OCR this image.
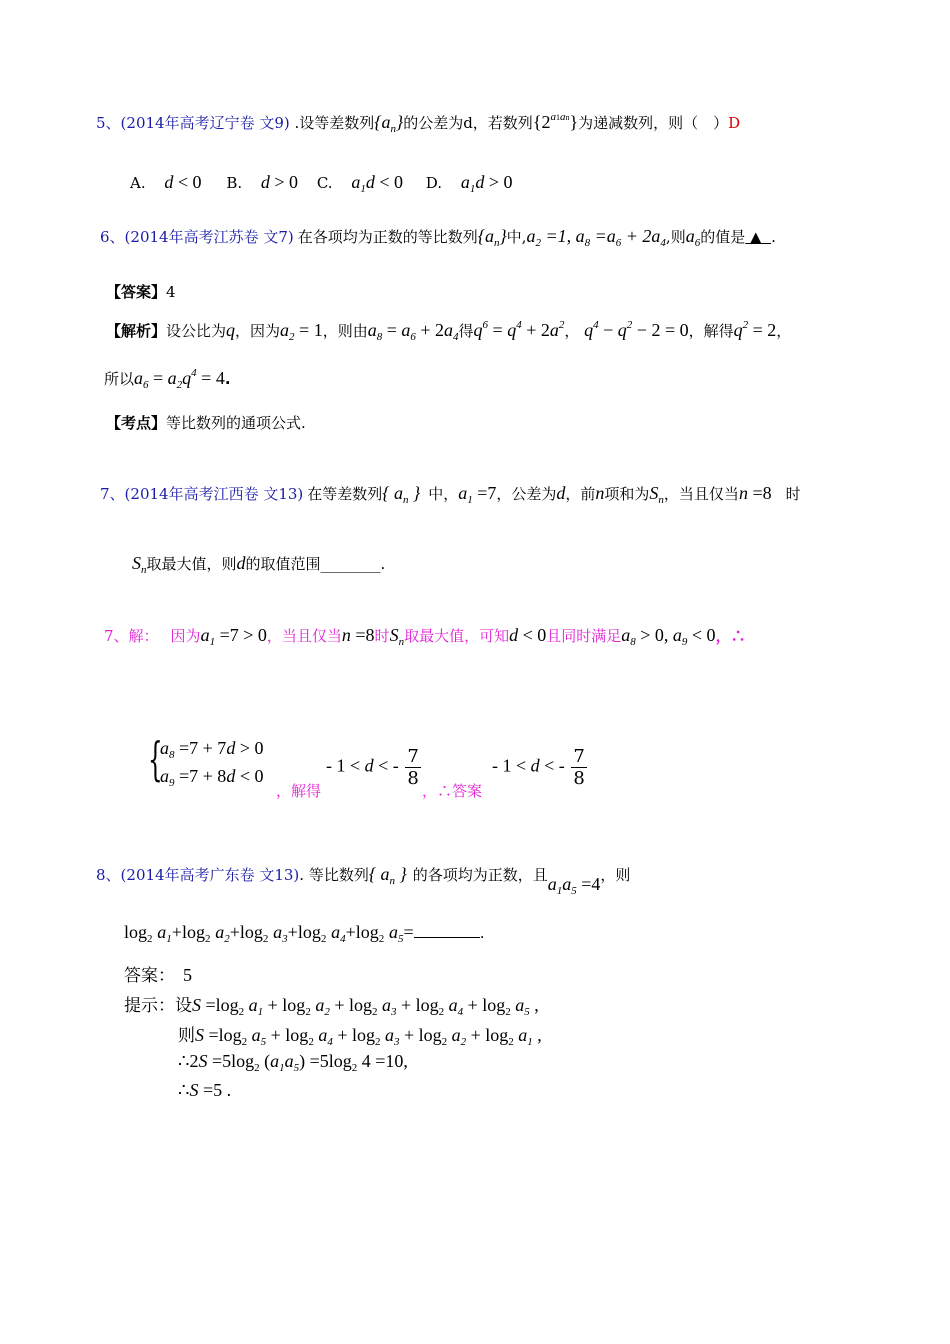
5、(2014年高考辽宁卷 文9) .设等差数列$\{a_n\}$的公差为d，若数列$\{2^{a1an}\}$为递减数列，则（　）D
A. d < 0 B. d > 0 C. $a_1d < 0$ D. $a_1d > 0$
6、(2014年高考江苏卷 文7) 在各项均为正数的等比数列$\{a_n\}$中$,a_2 =1$, $a_8 =a_6 + 2a_4$,则$a_6$的值是 ▲ .
【答案】4
【解析】设公比为q，因为$a_2 = 1$，则由$a_8 = a_6 + 2a_4$得$q^6 = q^4 + 2a^2$， $q^4 - q^2 - 2 = 0$，解得$q^2 = 2$，
所以$a_6 = a_2q^4 = 4$.
【考点】等比数列的通项公式.
7、(2014年高考江西卷 文13) 在等差数列{ $a_n$ } 中，$a_1 =7$，公差为d，前n项和为$S_n$，当且仅当n =8 时
$S_n$取最大值，则d的取值范围________.
7、解： 因为$a_1 =7 > 0$，当且仅当n =8时$S_n$取最大值，可知d < 0且同时满足$a_8 > 0$, $a_9 < 0$，∴
{
$a_8 =7 + 7d > 0$
$a_9 =7 + 8d < 0$
，解得
- 1 < d < - $\frac{7}{8}$
，∴答案
- 1 < d < - $\frac{7}{8}$
8、(2014年高考广东卷 文13). 等比数列{ $a_n$ } 的各项均为正数，且$a_1a_5 =4$，则
$\log_2 a_1+\log_2$ $a_2+\log_2$ $a_3+\log_2$ $a_4+\log_2$ $a_5=$	.
答案： 5
提示：设$S =\log_2$ $a_1 + \log_2 a_2 + \log_2 a_3 + \log_2 a_4 + \log_2 a_5$ ,
则$S =\log_2$ $a_5 + \log_2 a_4 + \log_2 a_3 + \log_2 a_2 + \log_2 a_1$ ,
∴2S $=5\log_2$ $(a_1a_5) =5\log_2$ 4 =10,
∴S =5 .
